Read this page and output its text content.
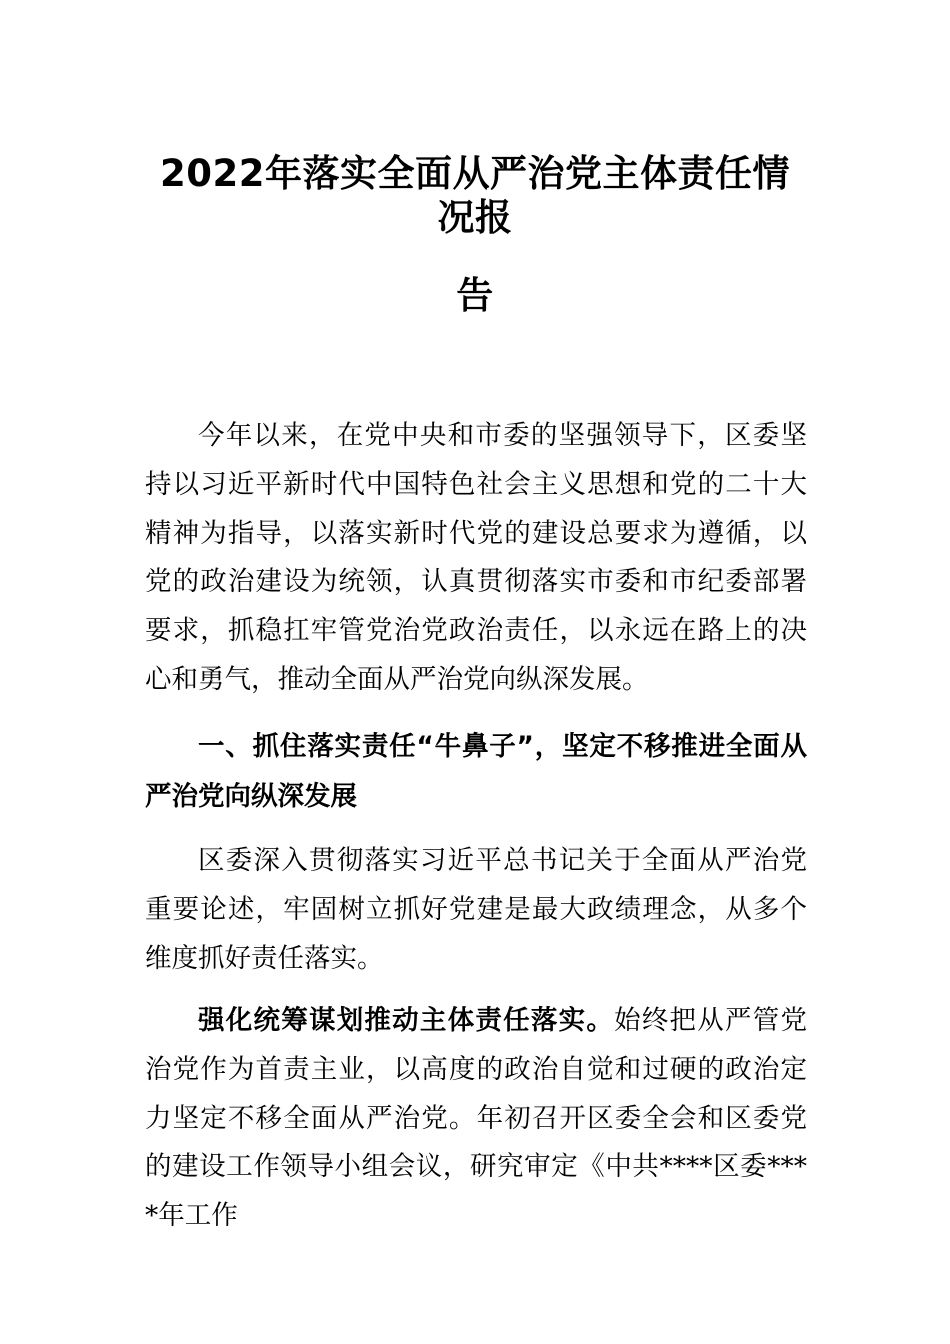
2022年落实全面从严治党主体责任情况报
告

今年以来，在党中央和市委的坚强领导下，区委坚持以习近平新时代中国特色社会主义思想和党的二十大精神为指导，以落实新时代党的建设总要求为遵循，以党的政治建设为统领，认真贯彻落实市委和市纪委部署要求，抓稳扛牢管党治党政治责任，以永远在路上的决心和勇气，推动全面从严治党向纵深发展。

一、抓住落实责任“牛鼻子”，坚定不移推进全面从严治党向纵深发展

区委深入贯彻落实习近平总书记关于全面从严治党重要论述，牢固树立抓好党建是最大政绩理念，从多个维度抓好责任落实。

强化统筹谋划推动主体责任落实。始终把从严管党治党作为首责主业，以高度的政治自觉和过硬的政治定力坚定不移全面从严治党。年初召开区委全会和区委党的建设工作领导小组会议，研究审定《中共****区委****年工作
